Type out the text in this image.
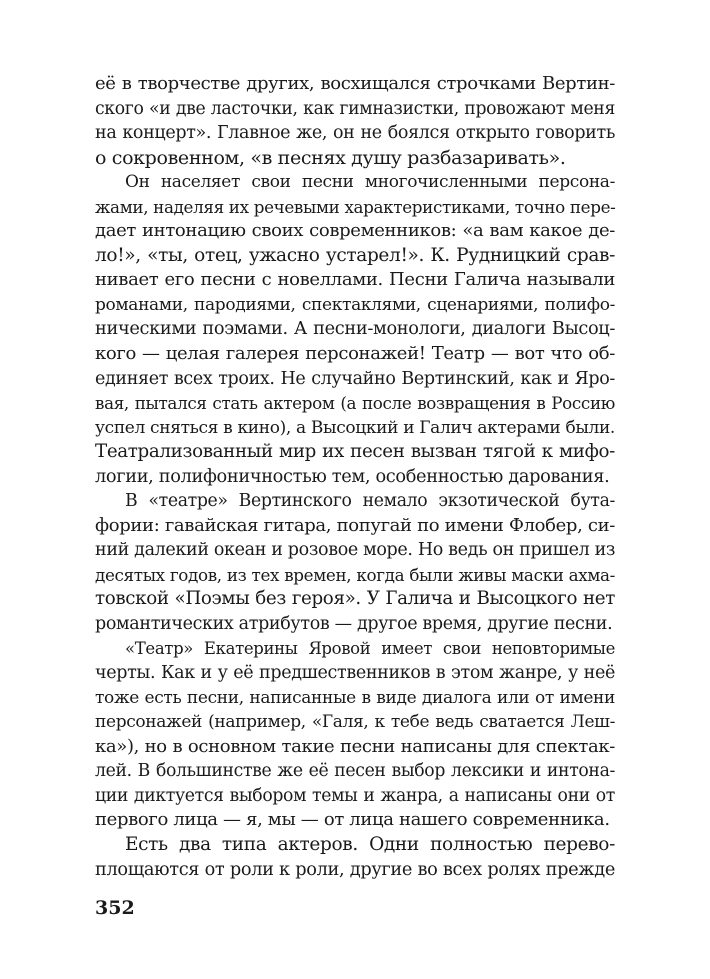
её в творчестве других, восхищался строчками Вертин-
ского «и две ласточки, как гимназистки, провожают меня
на концерт». Главное же, он не боялся открыто говорить
о сокровенном, «в песнях душу разбазаривать».
Он населяет свои песни многочисленными персона-
жами, наделяя их речевыми характеристиками, точно пере-
дает интонацию своих современников: «а вам какое де-
ло!», «ты, отец, ужасно устарел!». К. Рудницкий срав-
нивает его песни с новеллами. Песни Галича называли
романами, пародиями, спектаклями, сценариями, полифо-
ническими поэмами. А песни-монологи, диалоги Высоц-
кого — целая галерея персонажей! Театр — вот что об-
единяет всех троих. Не случайно Вертинский, как и Яро-
вая, пытался стать актером (а после возвращения в Россию
успел сняться в кино), а Высоцкий и Галич актерами были.
Театрализованный мир их песен вызван тягой к мифо-
логии, полифоничностью тем, особенностью дарования.
В «театре» Вертинского немало экзотической бута-
фории: гавайская гитара, попугай по имени Флобер, си-
ний далекий океан и розовое море. Но ведь он пришел из
десятых годов, из тех времен, когда были живы маски ахма-
товской «Поэмы без героя». У Галича и Высоцкого нет
романтических атрибутов — другое время, другие песни.
«Театр» Екатерины Яровой имеет свои неповторимые
черты. Как и у её предшественников в этом жанре, у неё
тоже есть песни, написанные в виде диалога или от имени
персонажей (например, «Галя, к тебе ведь сватается Леш-
ка»), но в основном такие песни написаны для спектак-
лей. В большинстве же её песен выбор лексики и интона-
ции диктуется выбором темы и жанра, а написаны они от
первого лица — я, мы — от лица нашего современника.
Есть два типа актеров. Одни полностью перево-
площаются от роли к роли, другие во всех ролях прежде
352
